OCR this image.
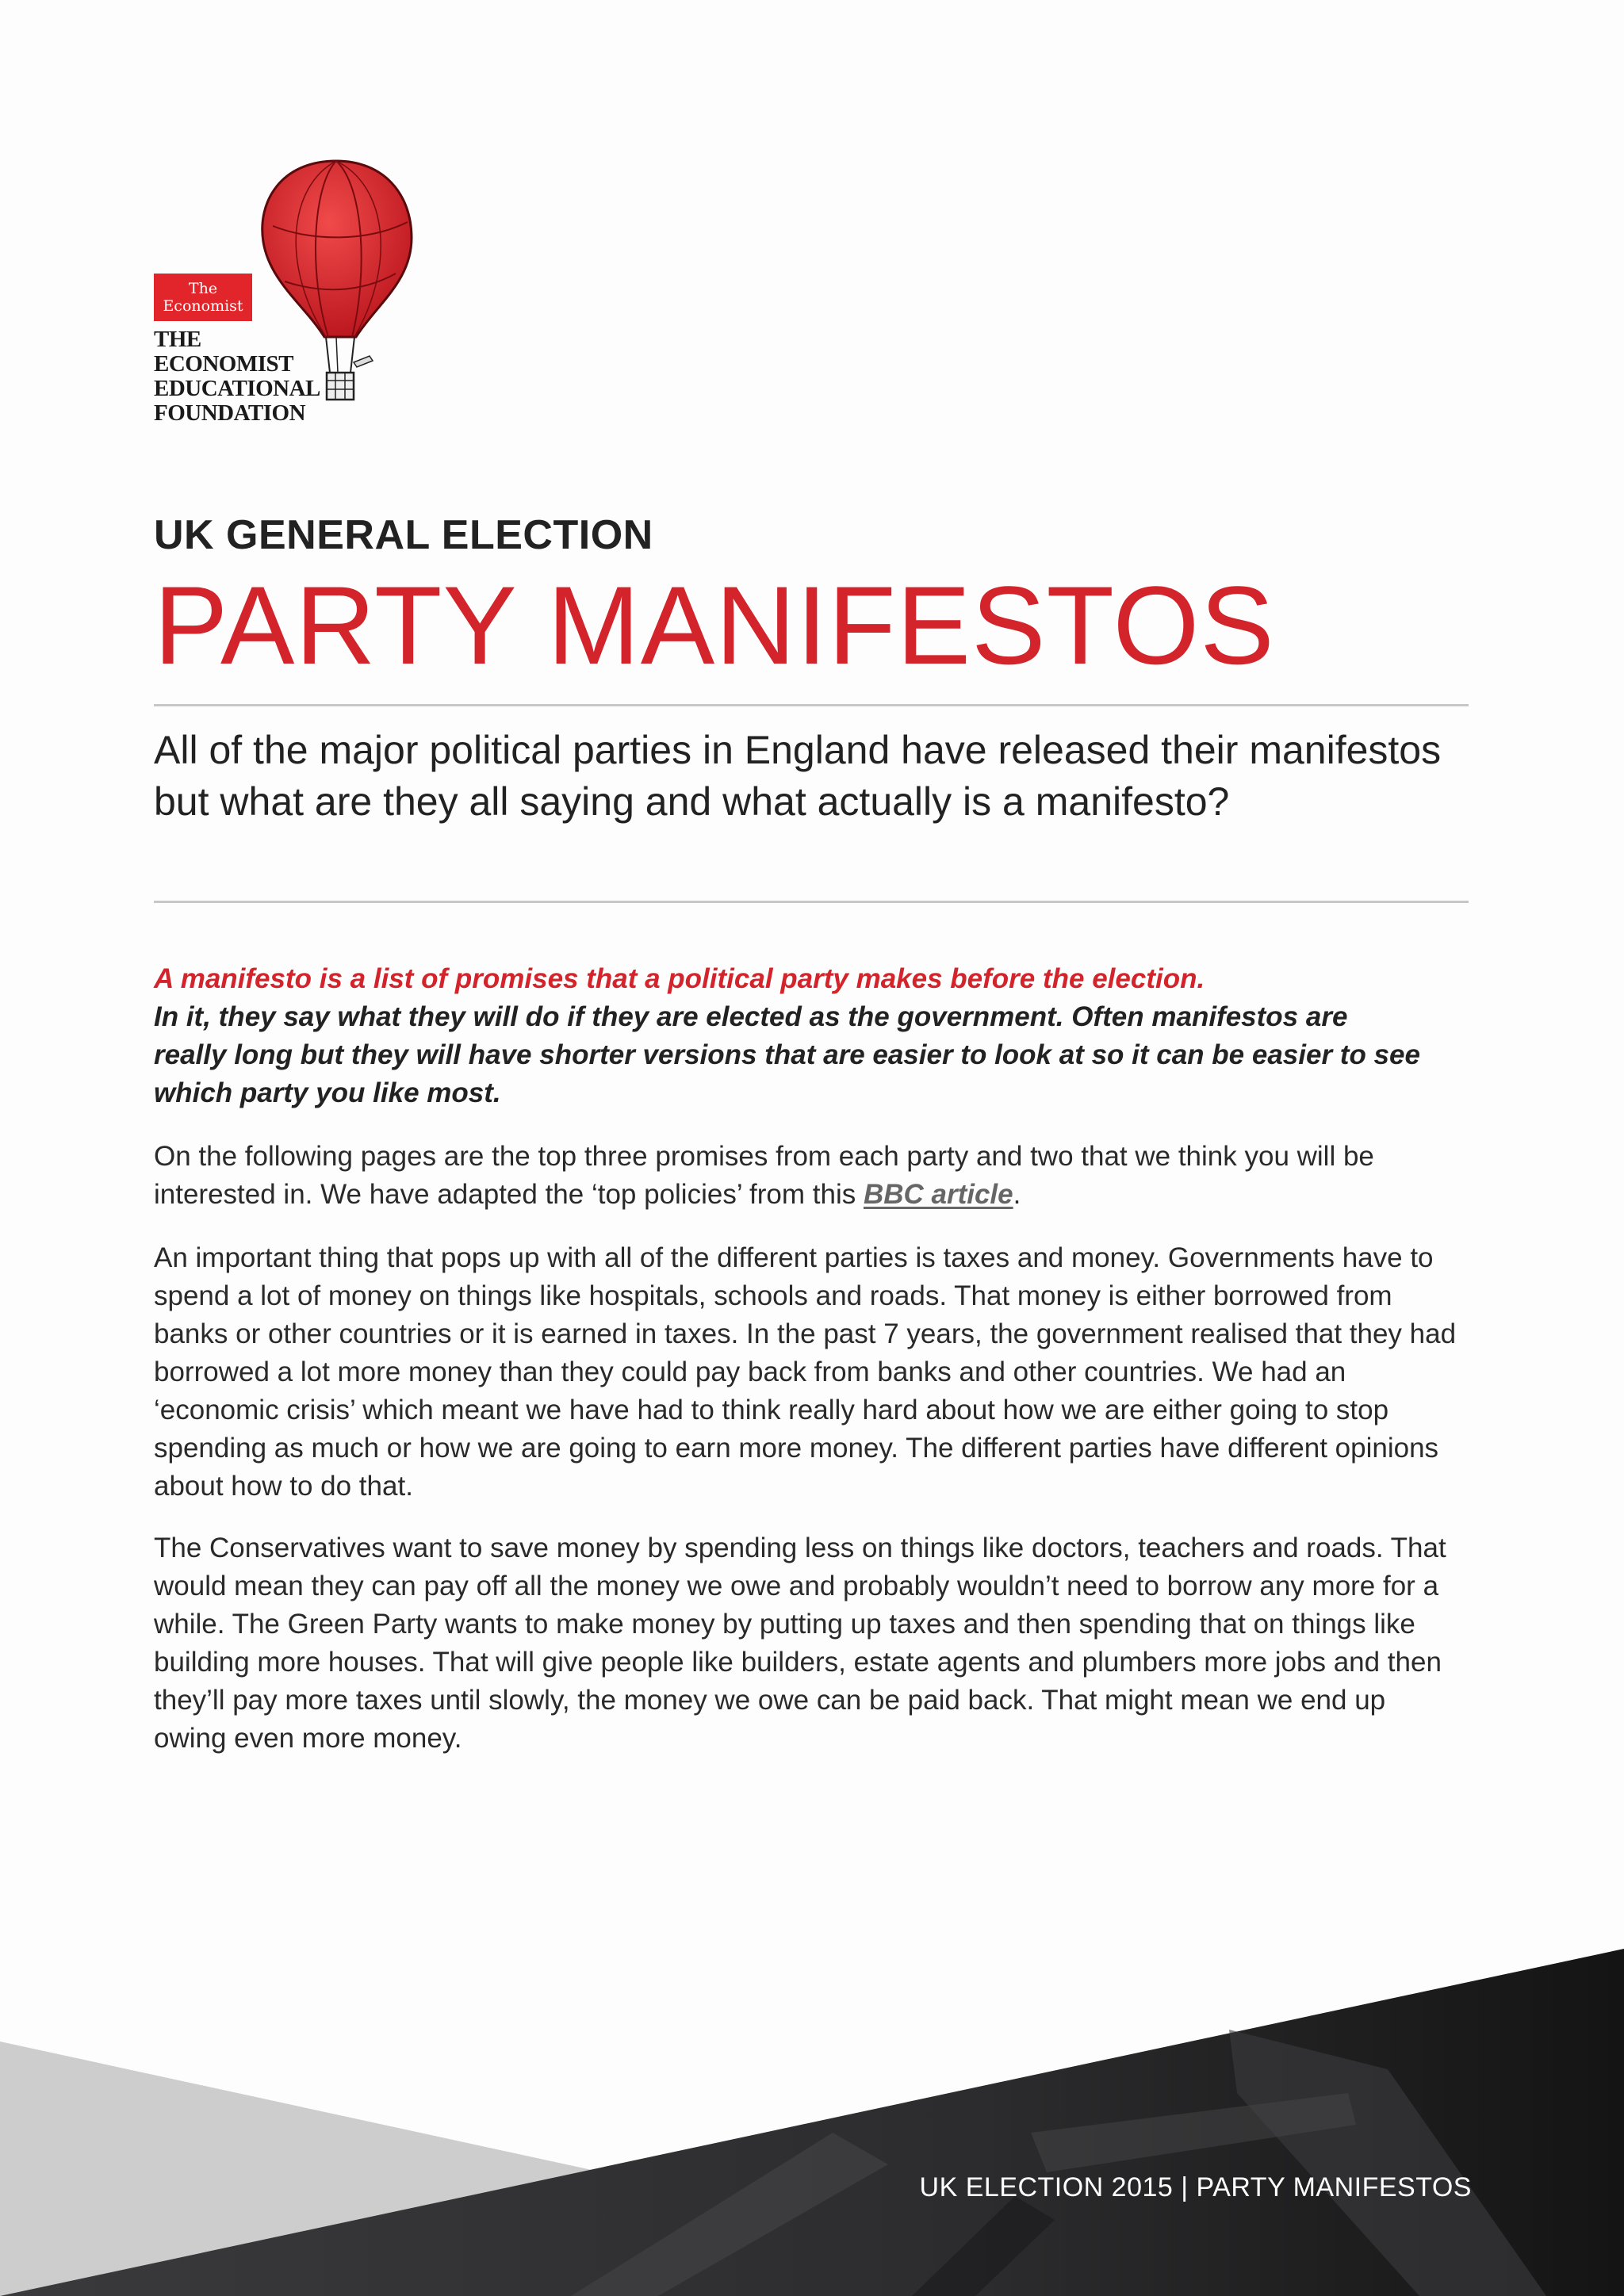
The
Economist
THE ECONOMIST
EDUCATIONAL
FOUNDATION
UK GENERAL ELECTION
PARTY MANIFESTOS
All of the major political parties in England have released their manifestos but what are they all saying and what actually is a manifesto?
A manifesto is a list of promises that a political party makes before the election.
In it, they say what they will do if they are elected as the government. Often manifestos are really long but they will have shorter versions that are easier to look at so it can be easier to see which party you like most.
On the following pages are the top three promises from each party and two that we think you will be interested in. We have adapted the ‘top policies’ from this BBC article.
An important thing that pops up with all of the different parties is taxes and money. Governments have to spend a lot of money on things like hospitals, schools and roads. That money is either borrowed from banks or other countries or it is earned in taxes. In the past 7 years, the government realised that they had borrowed a lot more money than they could pay back from banks and other countries. We had an ‘economic crisis’ which meant we have had to think really hard about how we are either going to stop spending as much or how we are going to earn more money. The different parties have different opinions about how to do that.
The Conservatives want to save money by spending less on things like doctors, teachers and roads. That would mean they can pay off all the money we owe and probably wouldn’t need to borrow any more for a while. The Green Party wants to make money by putting up taxes and then spending that on things like building more houses. That will give people like builders, estate agents and plumbers more jobs and then they’ll pay more taxes until slowly, the money we owe can be paid back. That might mean we end up owing even more money.
UK ELECTION 2015 | PARTY MANIFESTOS
